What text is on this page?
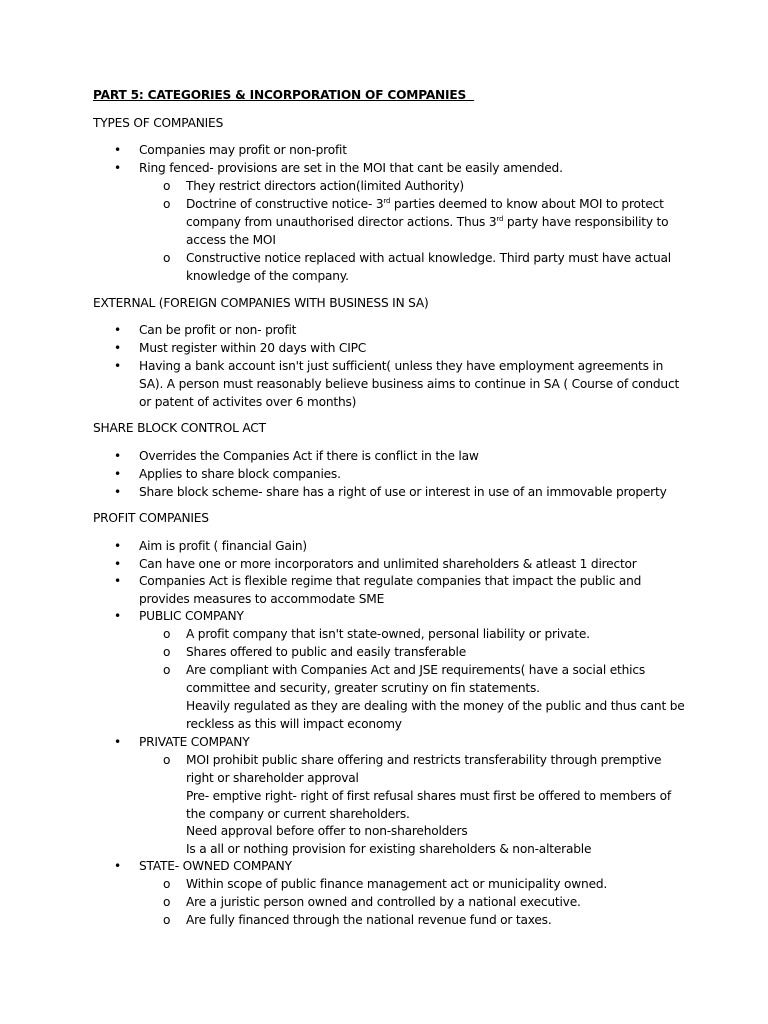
PART 5: CATEGORIES & INCORPORATION OF COMPANIES
TYPES OF COMPANIES
• Companies may profit or non-profit
• Ring fenced- provisions are set in the MOI that cant be easily amended.
o They restrict directors action(limited Authority)
o Doctrine of constructive notice- 3rd parties deemed to know about MOI to protect company from unauthorised director actions. Thus 3rd party have responsibility to access the MOI
o Constructive notice replaced with actual knowledge. Third party must have actual knowledge of the company.
EXTERNAL (FOREIGN COMPANIES WITH BUSINESS IN SA)
• Can be profit or non- profit
• Must register within 20 days with CIPC
• Having a bank account isn't just sufficient( unless they have employment agreements in SA). A person must reasonably believe business aims to continue in SA ( Course of conduct or patent of activites over 6 months)
SHARE BLOCK CONTROL ACT
• Overrides the Companies Act if there is conflict in the law
• Applies to share block companies.
• Share block scheme- share has a right of use or interest in use of an immovable property
PROFIT COMPANIES
• Aim is profit ( financial Gain)
• Can have one or more incorporators and unlimited shareholders & atleast 1 director
• Companies Act is flexible regime that regulate companies that impact the public and provides measures to accommodate SME
• PUBLIC COMPANY
o A profit company that isn't state-owned, personal liability or private.
o Shares offered to public and easily transferable
o Are compliant with Companies Act and JSE requirements( have a social ethics committee and security, greater scrutiny on fin statements.
Heavily regulated as they are dealing with the money of the public and thus cant be reckless as this will impact economy
• PRIVATE COMPANY
o MOI prohibit public share offering and restricts transferability through premptive right or shareholder approval
Pre- emptive right- right of first refusal shares must first be offered to members of the company or current shareholders.
Need approval before offer to non-shareholders
Is a all or nothing provision for existing shareholders & non-alterable
• STATE- OWNED COMPANY
o Within scope of public finance management act or municipality owned.
o Are a juristic person owned and controlled by a national executive.
o Are fully financed through the national revenue fund or taxes.
